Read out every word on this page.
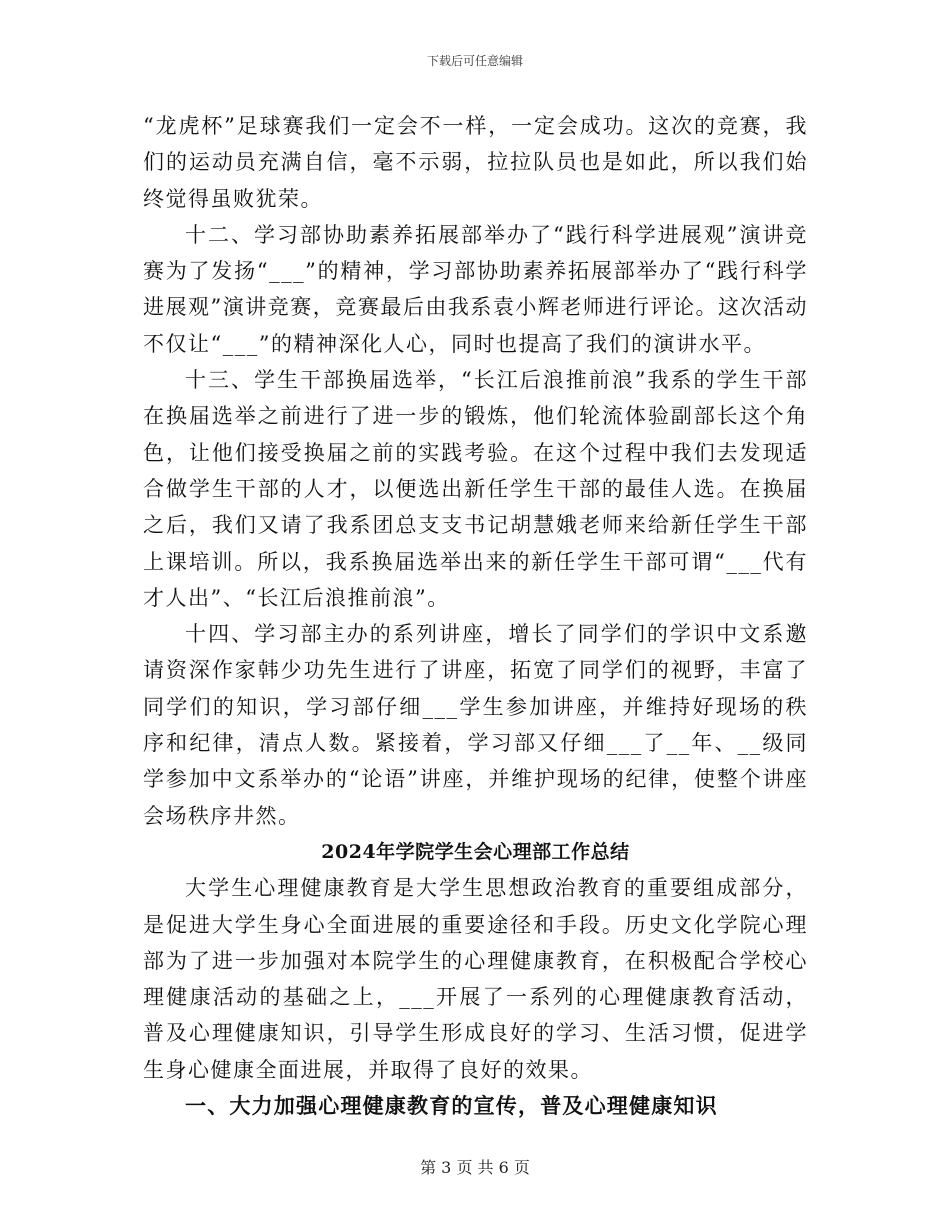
下载后可任意编辑

“龙虎杯”足球赛我们一定会不一样，一定会成功。这次的竞赛，我们的运动员充满自信，毫不示弱，拉拉队员也是如此，所以我们始终觉得虽败犹荣。

十二、学习部协助素养拓展部举办了“践行科学进展观”演讲竞赛为了发扬“___”的精神，学习部协助素养拓展部举办了“践行科学进展观”演讲竞赛，竞赛最后由我系袁小辉老师进行评论。这次活动不仅让“___”的精神深化人心，同时也提高了我们的演讲水平。

十三、学生干部换届选举，“长江后浪推前浪”我系的学生干部在换届选举之前进行了进一步的锻炼，他们轮流体验副部长这个角色，让他们接受换届之前的实践考验。在这个过程中我们去发现适合做学生干部的人才，以便选出新任学生干部的最佳人选。在换届之后，我们又请了我系团总支支书记胡慧娥老师来给新任学生干部上课培训。所以，我系换届选举出来的新任学生干部可谓“___代有才人出”、“长江后浪推前浪”。

十四、学习部主办的系列讲座，增长了同学们的学识中文系邀请资深作家韩少功先生进行了讲座，拓宽了同学们的视野，丰富了同学们的知识，学习部仔细___学生参加讲座，并维持好现场的秩序和纪律，清点人数。紧接着，学习部又仔细___了__年、__级同学参加中文系举办的“论语”讲座，并维护现场的纪律，使整个讲座会场秩序井然。

2024年学院学生会心理部工作总结

大学生心理健康教育是大学生思想政治教育的重要组成部分，是促进大学生身心全面进展的重要途径和手段。历史文化学院心理部为了进一步加强对本院学生的心理健康教育，在积极配合学校心理健康活动的基础之上，___开展了一系列的心理健康教育活动，普及心理健康知识，引导学生形成良好的学习、生活习惯，促进学生身心健康全面进展，并取得了良好的效果。

一、大力加强心理健康教育的宣传，普及心理健康知识
第 3 页 共 6 页
